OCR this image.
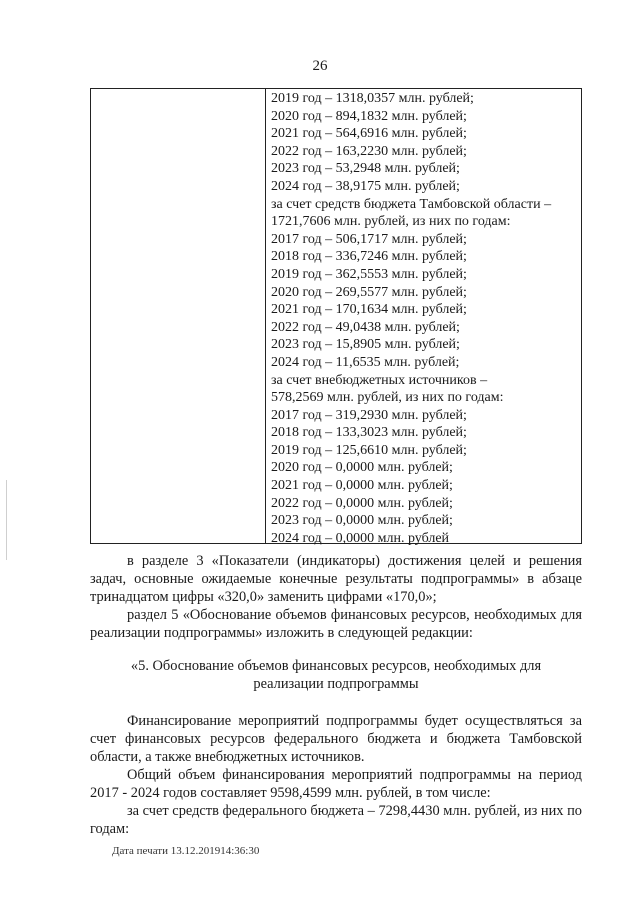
26
2019 год – 1318,0357 млн. рублей;
2020 год – 894,1832 млн. рублей;
2021 год – 564,6916 млн. рублей;
2022 год – 163,2230 млн. рублей;
2023 год – 53,2948 млн. рублей;
2024 год – 38,9175 млн. рублей;
за счет средств бюджета Тамбовской области –
1721,7606 млн. рублей, из них по годам:
2017 год – 506,1717 млн. рублей;
2018 год – 336,7246 млн. рублей;
2019 год – 362,5553 млн. рублей;
2020 год – 269,5577 млн. рублей;
2021 год – 170,1634 млн. рублей;
2022 год – 49,0438 млн. рублей;
2023 год – 15,8905 млн. рублей;
2024 год – 11,6535 млн. рублей;
за счет внебюджетных источников –
578,2569 млн. рублей, из них по годам:
2017 год – 319,2930 млн. рублей;
2018 год – 133,3023 млн. рублей;
2019 год – 125,6610 млн. рублей;
2020 год – 0,0000 млн. рублей;
2021 год – 0,0000 млн. рублей;
2022 год – 0,0000 млн. рублей;
2023 год – 0,0000 млн. рублей;
2024 год – 0,0000 млн. рублей

в разделе 3 «Показатели (индикаторы) достижения целей и решения задач, основные ожидаемые конечные результаты подпрограммы» в абзаце тринадцатом цифры «320,0» заменить цифрами «170,0»;

раздел 5 «Обоснование объемов финансовых ресурсов, необходимых для реализации подпрограммы» изложить в следующей редакции:

«5. Обоснование объемов финансовых ресурсов, необходимых для
реализации подпрограммы

Финансирование мероприятий подпрограммы будет осуществляться за счет финансовых ресурсов федерального бюджета и бюджета Тамбовской области, а также внебюджетных источников.

Общий объем финансирования мероприятий подпрограммы на период 2017 - 2024 годов составляет 9598,4599 млн. рублей, в том числе:

за счет средств федерального бюджета – 7298,4430 млн. рублей, из них по годам:

Дата печати 13.12.201914:36:30
